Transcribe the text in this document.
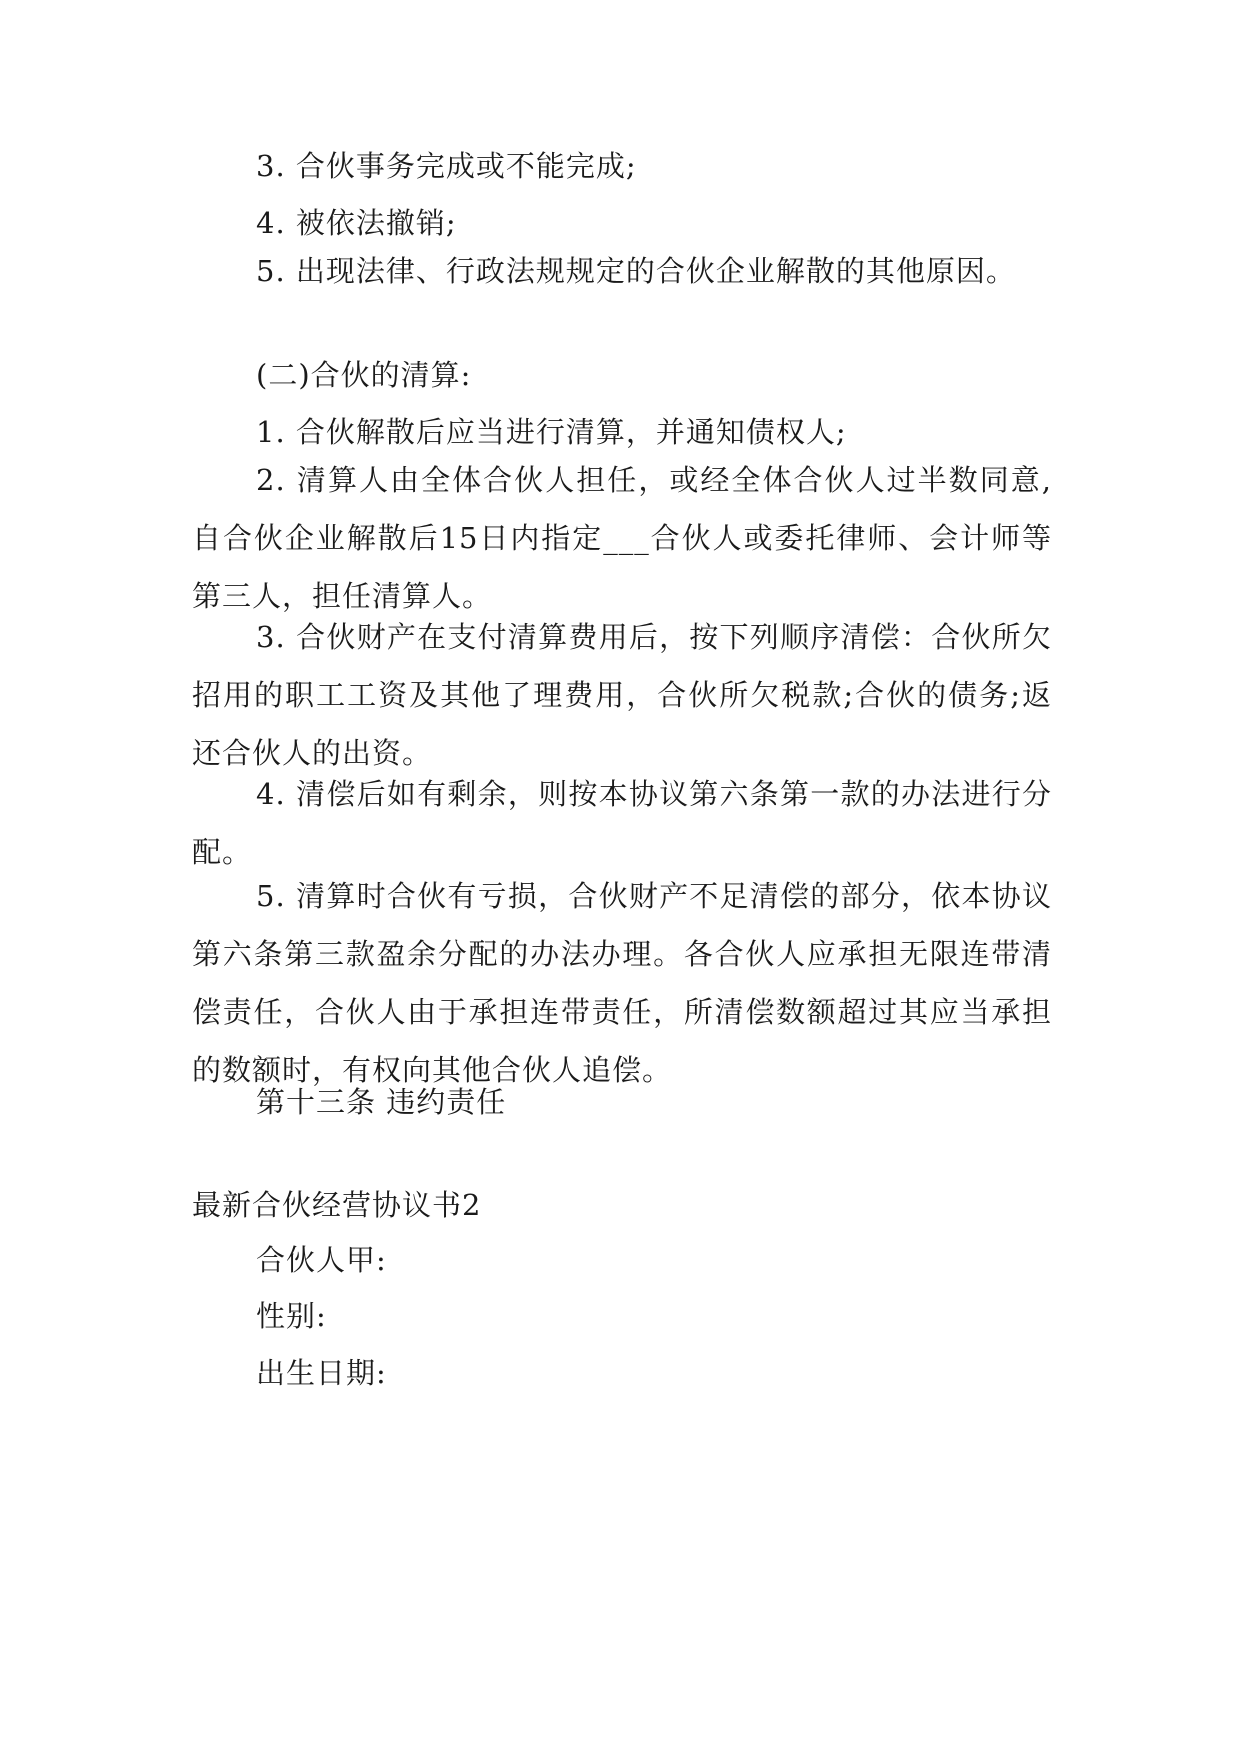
3. 合伙事务完成或不能完成;
4. 被依法撤销;
5. 出现法律、行政法规规定的合伙企业解散的其他原因。
(二)合伙的清算:
1. 合伙解散后应当进行清算，并通知债权人;
2. 清算人由全体合伙人担任，或经全体合伙人过半数同意,自合伙企业解散后15日内指定___合伙人或委托律师、会计师等第三人，担任清算人。
3. 合伙财产在支付清算费用后，按下列顺序清偿：合伙所欠招用的职工工资及其他了理费用，合伙所欠税款;合伙的债务;返还合伙人的出资。
4. 清偿后如有剩余，则按本协议第六条第一款的办法进行分配。
5. 清算时合伙有亏损，合伙财产不足清偿的部分，依本协议第六条第三款盈余分配的办法办理。各合伙人应承担无限连带清偿责任，合伙人由于承担连带责任，所清偿数额超过其应当承担的数额时，有权向其他合伙人追偿。
第十三条 违约责任
最新合伙经营协议书2
合伙人甲:
性别:
出生日期:
